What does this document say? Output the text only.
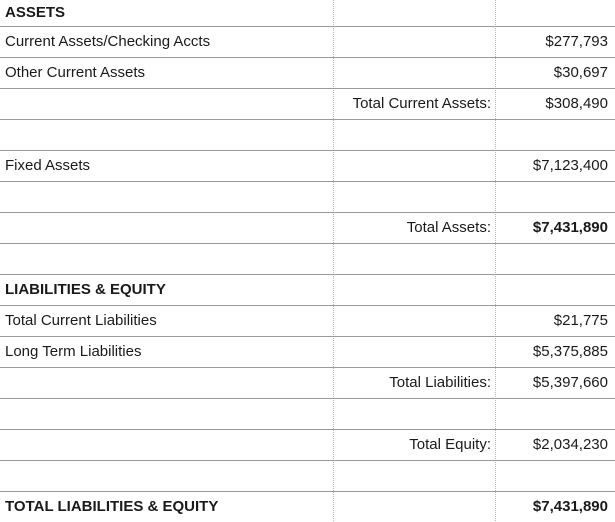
ASSETS
Current Assets/Checking Accts	$277,793
Other Current Assets	$30,697
Total Current Assets:	$308,490
Fixed Assets	$7,123,400
Total Assets:	$7,431,890
LIABILITIES & EQUITY
Total Current Liabilities	$21,775
Long Term Liabilities	$5,375,885
Total Liabilities:	$5,397,660
Total Equity:	$2,034,230
TOTAL LIABILITIES & EQUITY	$7,431,890
